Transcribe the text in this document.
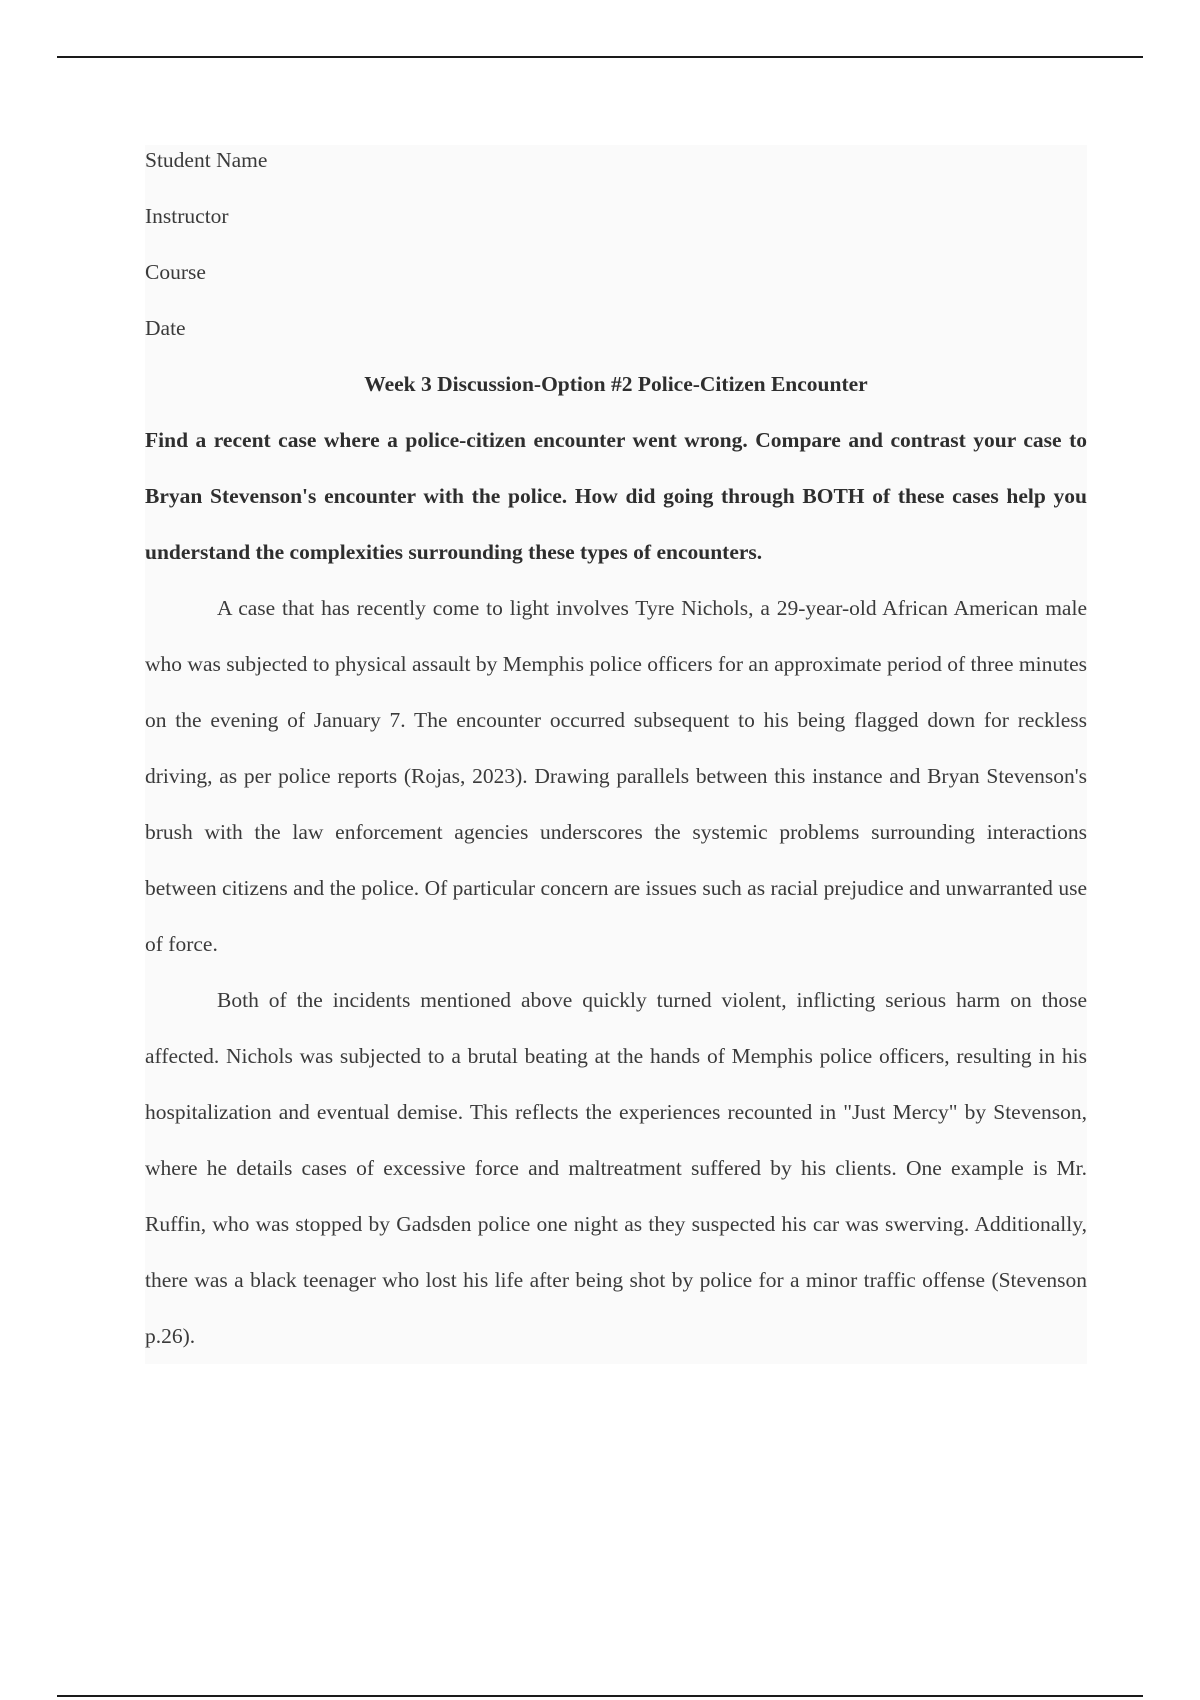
Student Name
Instructor
Course
Date
Week 3 Discussion-Option #2 Police-Citizen Encounter
Find a recent case where a police-citizen encounter went wrong. Compare and contrast your case to Bryan Stevenson's encounter with the police. How did going through BOTH of these cases help you understand the complexities surrounding these types of encounters.
A case that has recently come to light involves Tyre Nichols, a 29-year-old African American male who was subjected to physical assault by Memphis police officers for an approximate period of three minutes on the evening of January 7. The encounter occurred subsequent to his being flagged down for reckless driving, as per police reports (Rojas, 2023). Drawing parallels between this instance and Bryan Stevenson's brush with the law enforcement agencies underscores the systemic problems surrounding interactions between citizens and the police. Of particular concern are issues such as racial prejudice and unwarranted use of force.
Both of the incidents mentioned above quickly turned violent, inflicting serious harm on those affected. Nichols was subjected to a brutal beating at the hands of Memphis police officers, resulting in his hospitalization and eventual demise. This reflects the experiences recounted in "Just Mercy" by Stevenson, where he details cases of excessive force and maltreatment suffered by his clients. One example is Mr. Ruffin, who was stopped by Gadsden police one night as they suspected his car was swerving. Additionally, there was a black teenager who lost his life after being shot by police for a minor traffic offense (Stevenson p.26).
